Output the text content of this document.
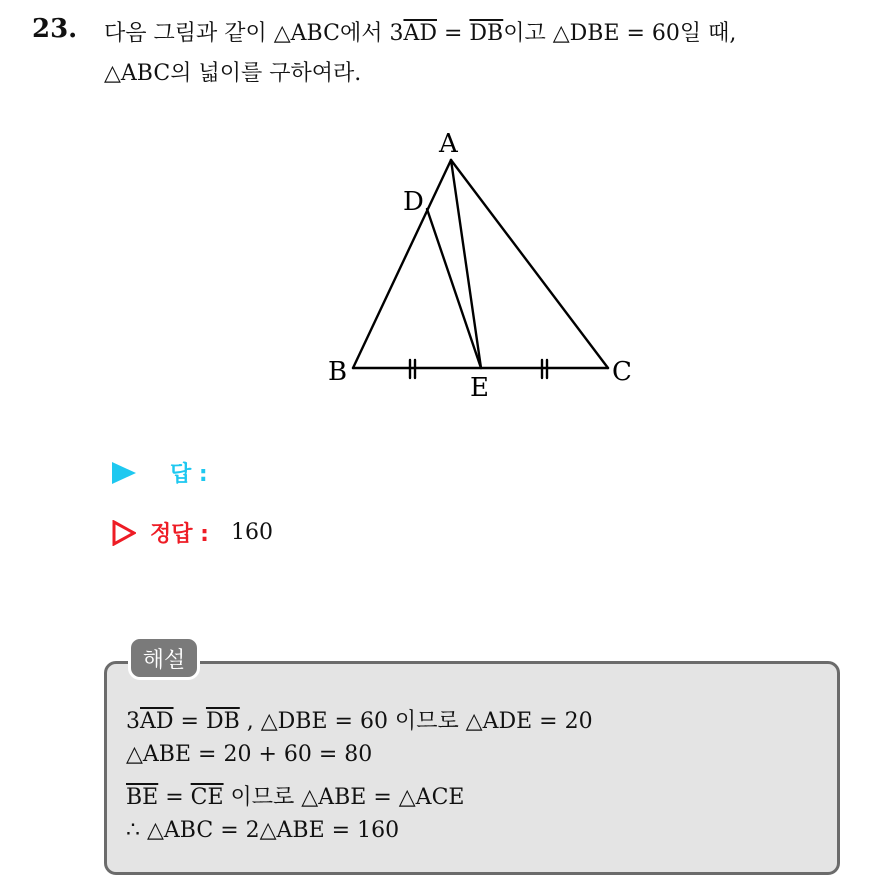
23. 다음 그림과 같이 △ABC에서 $3\overline{AD} = \overline{DB}$이고 △DBE = 60일 때,
△ABC의 넓이를 구하여라.
A
D
B	C
E
답 :
정답 : 160
해설
$3\overline{AD} = \overline{DB}$ , △DBE = 60 이므로 △ADE = 20
△ABE = 20 + 60 = 80
$\overline{BE} = \overline{CE}$ 이므로 △ABE = △ACE
∴ △ABC = 2△ABE = 160
